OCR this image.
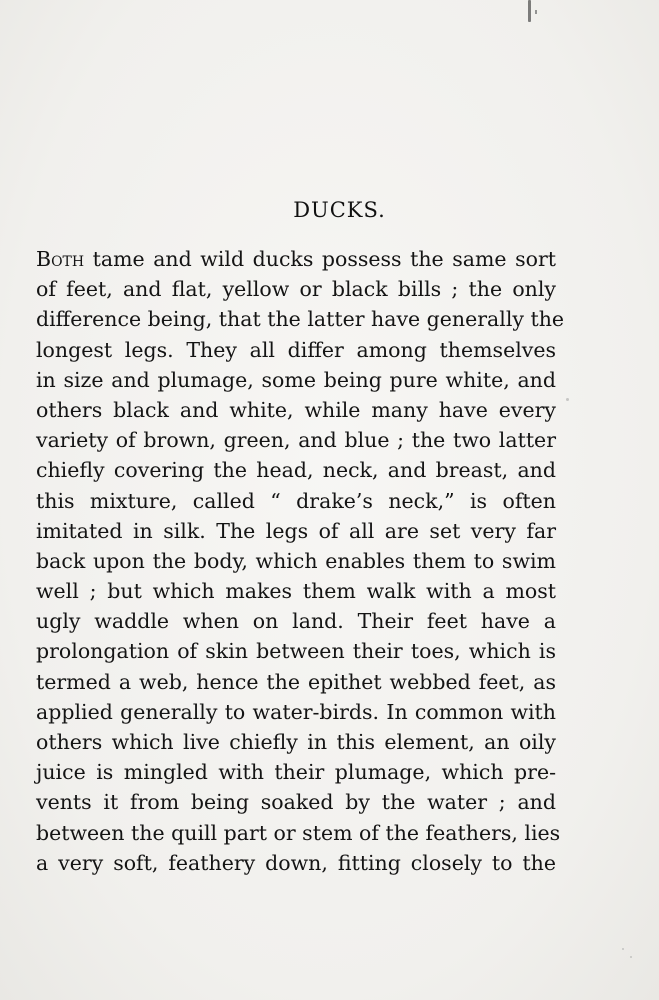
DUCKS.
Both tame and wild ducks possess the same sort
of feet, and flat, yellow or black bills ; the only
difference being, that the latter have generally the
longest legs. They all differ among themselves
in size and plumage, some being pure white, and
others black and white, while many have every
variety of brown, green, and blue ; the two latter
chiefly covering the head, neck, and breast, and
this mixture, called “ drake’s neck,” is often
imitated in silk. The legs of all are set very far
back upon the body, which enables them to swim
well ; but which makes them walk with a most
ugly waddle when on land. Their feet have a
prolongation of skin between their toes, which is
termed a web, hence the epithet webbed feet, as
applied generally to water-birds. In common with
others which live chiefly in this element, an oily
juice is mingled with their plumage, which pre-
vents it from being soaked by the water ; and
between the quill part or stem of the feathers, lies
a very soft, feathery down, fitting closely to the
